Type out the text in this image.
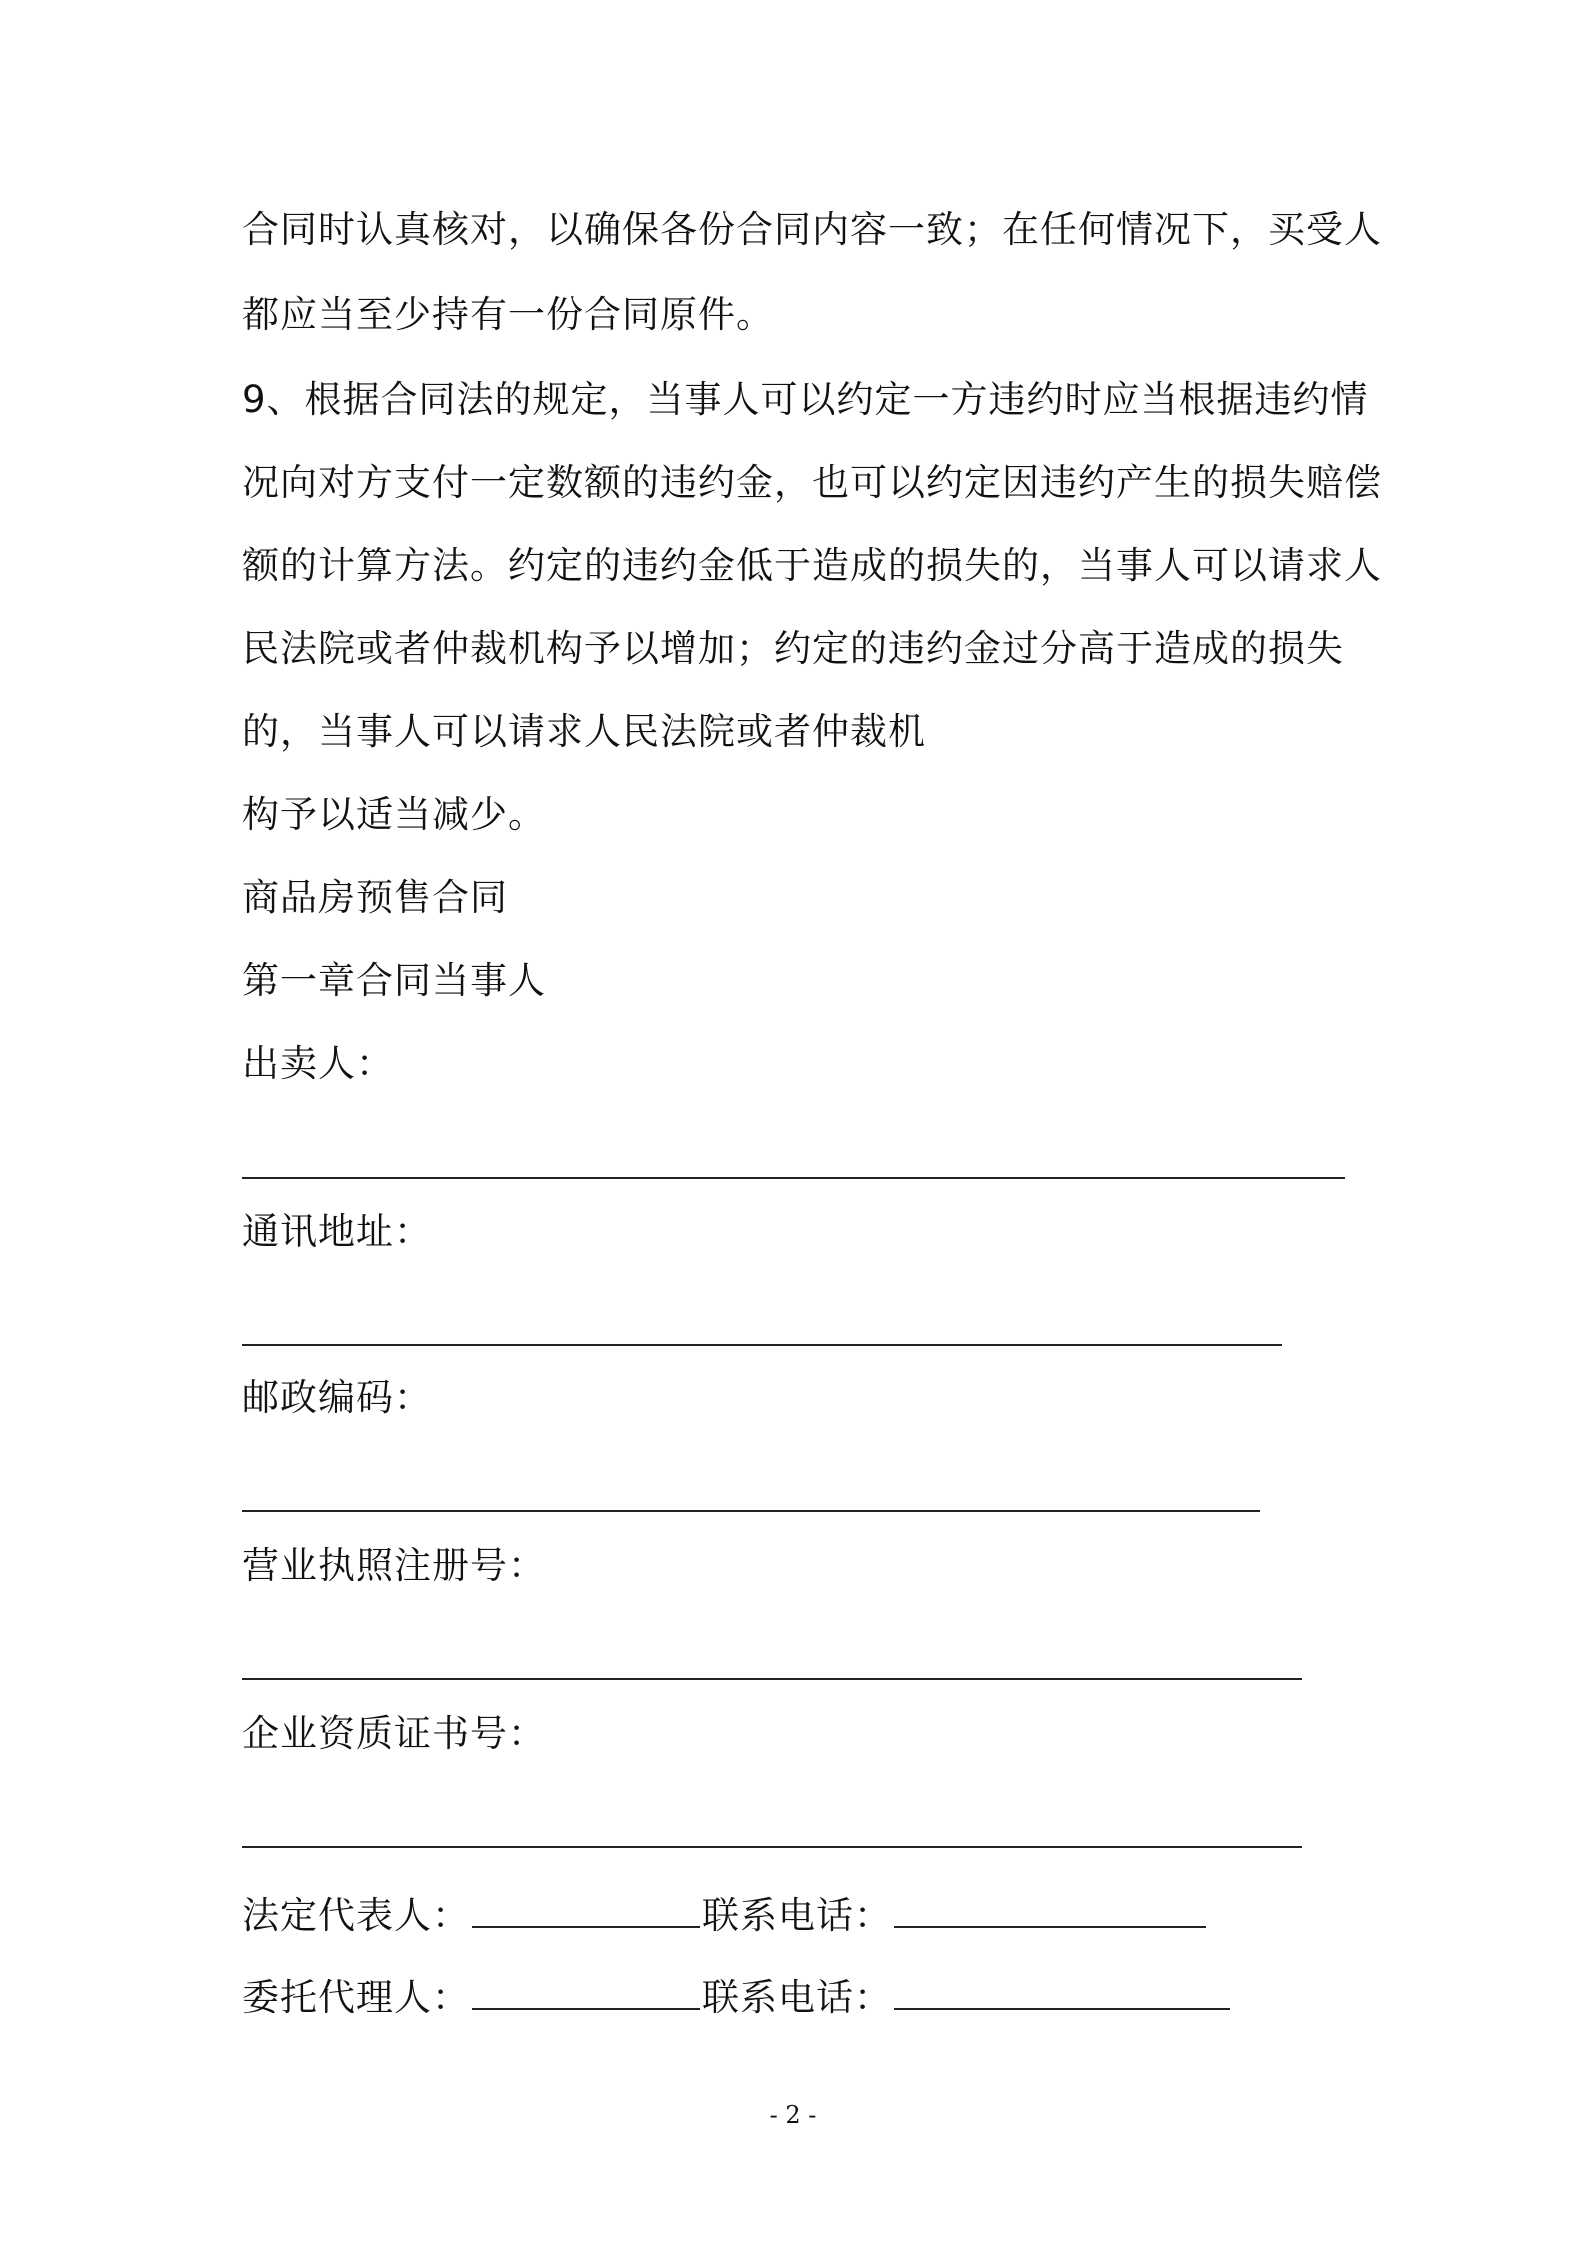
合同时认真核对，以确保各份合同内容一致；在任何情况下，买受人
都应当至少持有一份合同原件。
9、根据合同法的规定，当事人可以约定一方违约时应当根据违约情
况向对方支付一定数额的违约金，也可以约定因违约产生的损失赔偿
额的计算方法。约定的违约金低于造成的损失的，当事人可以请求人
民法院或者仲裁机构予以增加；约定的违约金过分高于造成的损失
的，当事人可以请求人民法院或者仲裁机
构予以适当减少。
商品房预售合同
第一章合同当事人
出卖人：
通讯地址：
邮政编码：
营业执照注册号：
企业资质证书号：
法定代表人：	联系电话：
委托代理人：	联系电话：
- 2 -
